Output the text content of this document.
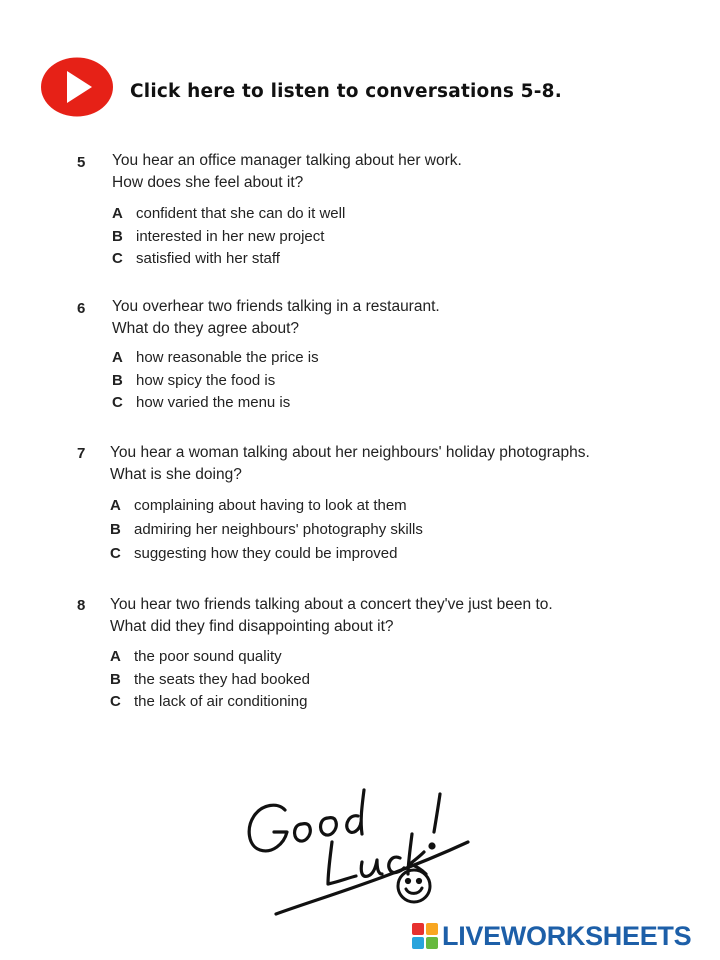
Click here to listen to conversations 5-8.
5 You hear an office manager talking about her work.
How does she feel about it?
A confident that she can do it well
B interested in her new project
C satisfied with her staff
6 You overhear two friends talking in a restaurant.
What do they agree about?
A how reasonable the price is
B how spicy the food is
C how varied the menu is
7 You hear a woman talking about her neighbours' holiday photographs.
What is she doing?
A complaining about having to look at them
B admiring her neighbours' photography skills
C suggesting how they could be improved
8 You hear two friends talking about a concert they've just been to.
What did they find disappointing about it?
A the poor sound quality
B the seats they had booked
C the lack of air conditioning
LIVEWORKSHEETS
